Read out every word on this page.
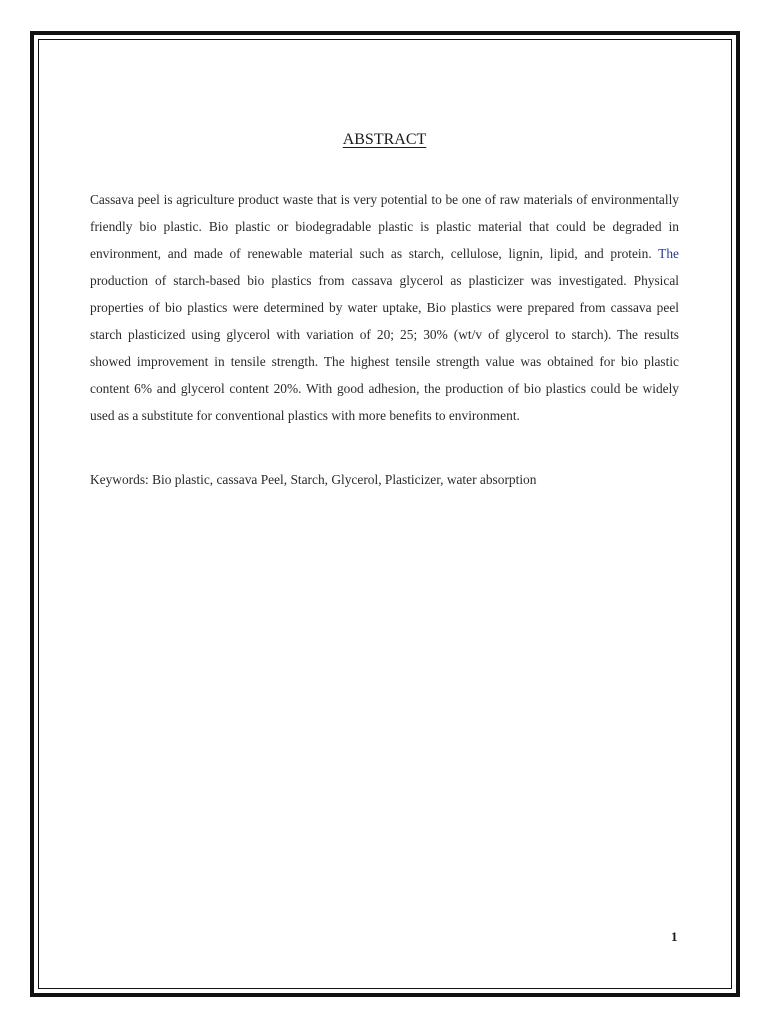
ABSTRACT

Cassava peel is agriculture product waste that is very potential to be one of raw materials of environmentally friendly bio plastic. Bio plastic or biodegradable plastic is plastic material that could be degraded in environment, and made of renewable material such as starch, cellulose, lignin, lipid, and protein. The production of starch-based bio plastics from cassava glycerol as plasticizer was investigated. Physical properties of bio plastics were determined by water uptake, Bio plastics were prepared from cassava peel starch plasticized using glycerol with variation of 20; 25; 30% (wt/v of glycerol to starch). The results showed improvement in tensile strength. The highest tensile strength value was obtained for bio plastic content 6% and glycerol content 20%. With good adhesion, the production of bio plastics could be widely used as a substitute for conventional plastics with more benefits to environment.

Keywords: Bio plastic, cassava Peel, Starch, Glycerol, Plasticizer, water absorption

1
